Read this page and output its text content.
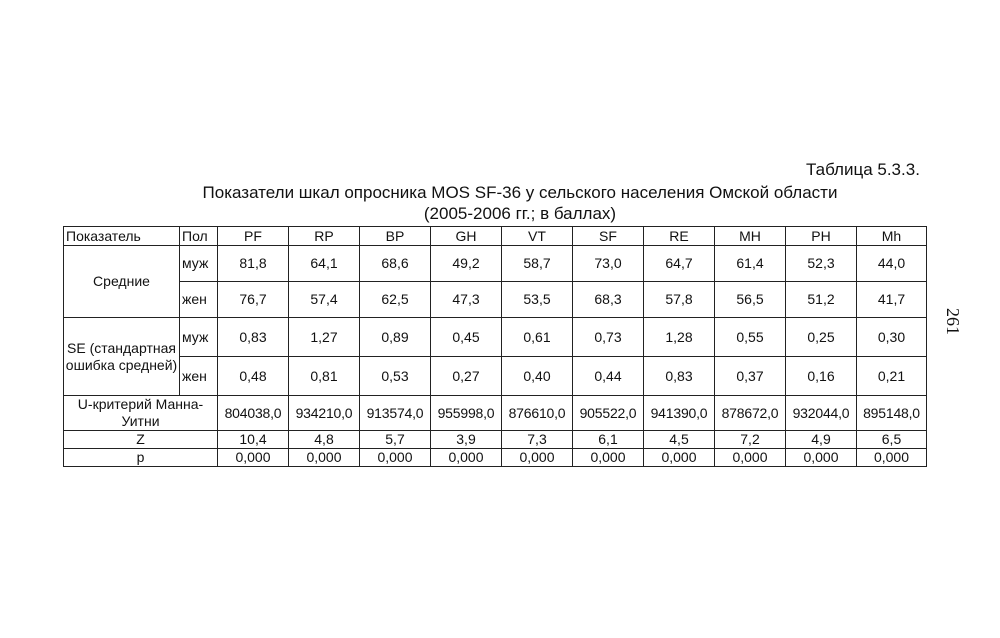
Таблица 5.3.3.
Показатели шкал опросника MOS SF-36 у сельского населения Омской области
(2005-2006 гг.; в баллах)
261
Показатель	Пол	PF	RP	BP	GH	VT	SF	RE	MH	PH	Mh
Средние	муж	81,8	64,1	68,6	49,2	58,7	73,0	64,7	61,4	52,3	44,0
	жен	76,7	57,4	62,5	47,3	53,5	68,3	57,8	56,5	51,2	41,7
SE (стандартная ошибка средней)	муж	0,83	1,27	0,89	0,45	0,61	0,73	1,28	0,55	0,25	0,30
	жен	0,48	0,81	0,53	0,27	0,40	0,44	0,83	0,37	0,16	0,21
U-критерий Манна-Уитни		804038,0	934210,0	913574,0	955998,0	876610,0	905522,0	941390,0	878672,0	932044,0	895148,0
Z		10,4	4,8	5,7	3,9	7,3	6,1	4,5	7,2	4,9	6,5
p		0,000	0,000	0,000	0,000	0,000	0,000	0,000	0,000	0,000	0,000
